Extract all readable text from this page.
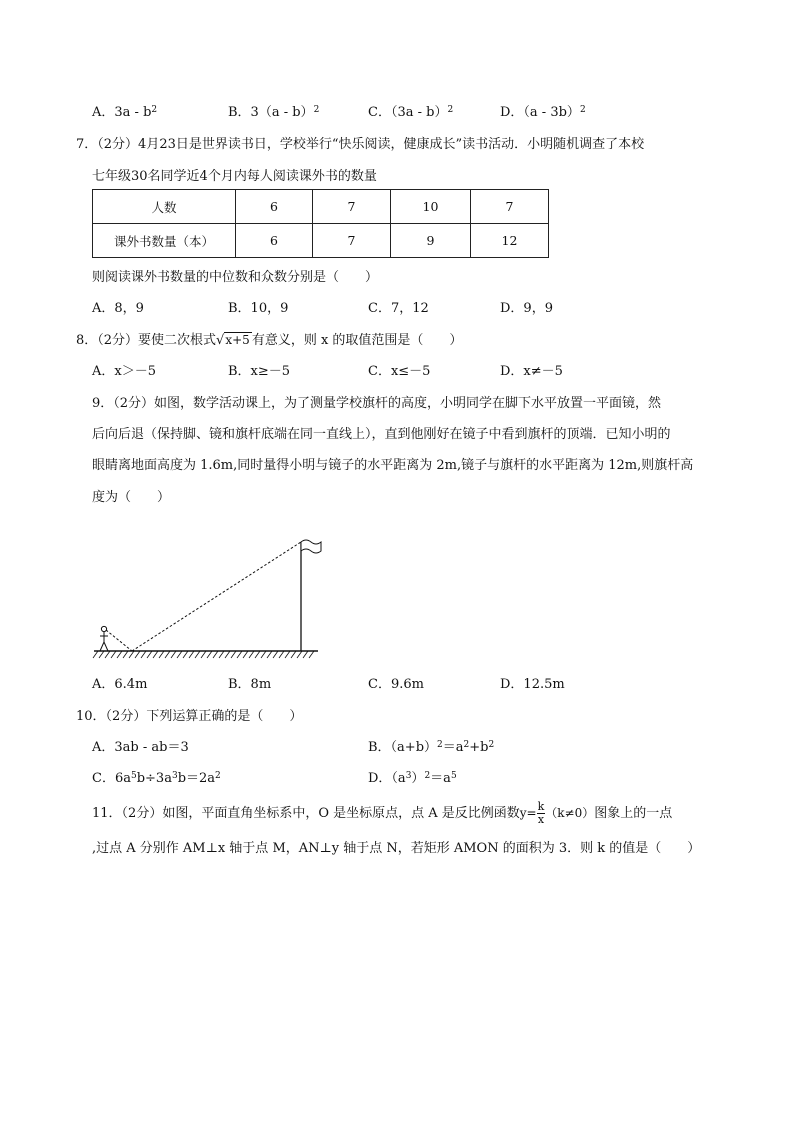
A．$3a - b^2$	B．3（a - b）$^2$	C．（3a - b）$^2$	D．（a - 3b）$^2$
7．（2分）4月23日是世界读书日，学校举行“快乐阅读，健康成长”读书活动．小明随机调查了本校
七年级30名同学近4个月内每人阅读课外书的数量
人数	6	7	10	7
课外书数量（本）	6	7	9	12
则阅读课外书数量的中位数和众数分别是（　　）
A．8，9	B．10，9	C．7，12	D．9，9
8．（2分）要使二次根式√x+5 有意义，则 x 的取值范围是（　　）
A．x＞－5	B．x≥－5	C．x≤－5	D．x≠－5
9．（2分）如图，数学活动课上，为了测量学校旗杆的高度，小明同学在脚下水平放置一平面镜，然
后向后退（保持脚、镜和旗杆底端在同一直线上），直到他刚好在镜子中看到旗杆的顶端．已知小明的
眼睛离地面高度为 1.6m,同时量得小明与镜子的水平距离为 2m,镜子与旗杆的水平距离为 12m,则旗杆高
度为（　　）
A．6.4m	B．8m	C．9.6m	D．12.5m
10．（2分）下列运算正确的是（　　）
A．3ab - ab＝3	B．$(a+b)^2=a^2+b^2$
C．$6a^5b\div 3a^3b=2a^2$	D．$(a^3)^2=a^5$
11．（2分）如图，平面直角坐标系中，O 是坐标原点，点 A 是反比例函数$y= \frac{k}{x} (k\ne 0)$图象上的一点
,过点 A 分别作 AM⊥x 轴于点 M，AN⊥y 轴于点 N，若矩形 AMON 的面积为 3．则 k 的值是（　　）
